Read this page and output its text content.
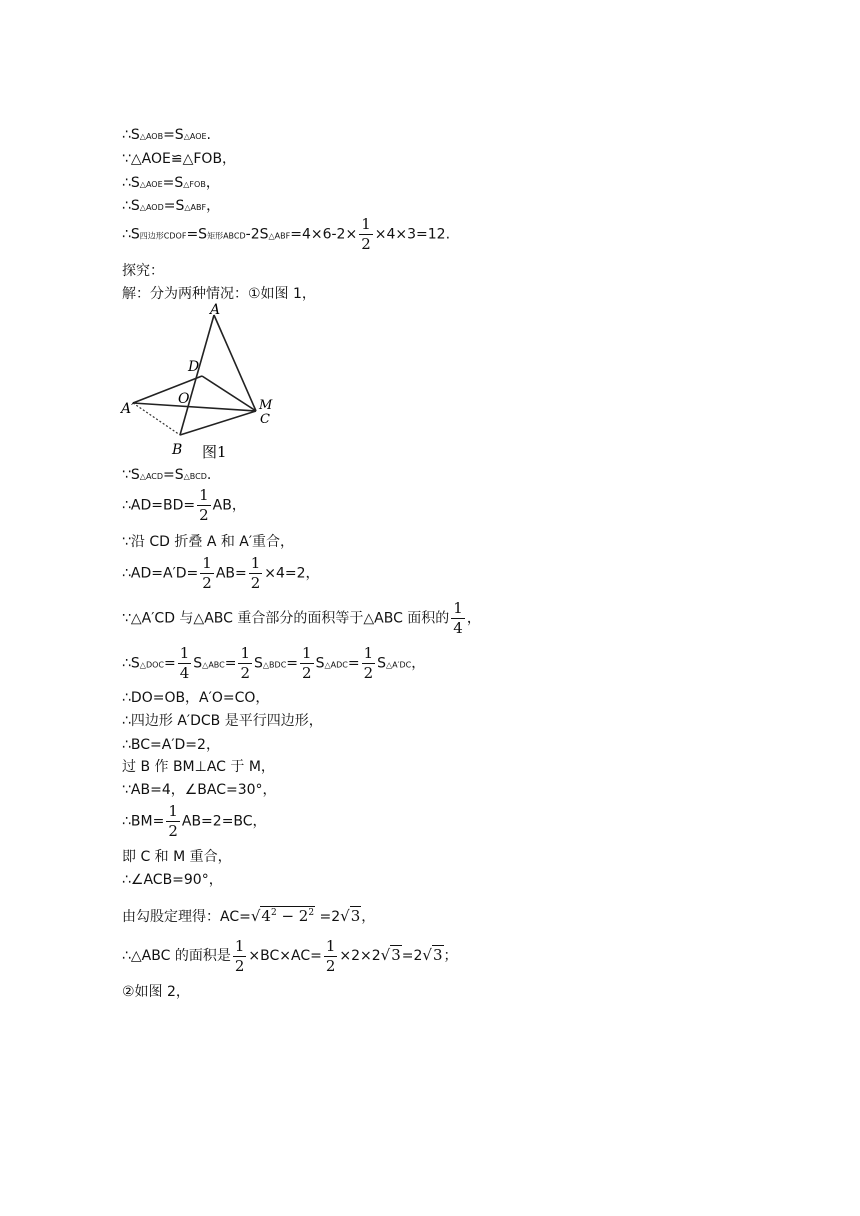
∴S△AOB=S△AOE.
∵△AOE≌△FOB，
∴S△AOE=S△FOB，
∴S△AOD=S△ABF，
∴S四边形CDOF=S矩形ABCD-2S△ABF=4×6-2× $\frac{1}{2} \times 4\times 3=12$.
探究：
解：分为两种情况：①如图 1，
A
D
O
A′
B
M
C
图1
∵S△ACD=S△BCD.
∴AD=BD= $\frac{1}{2}$ AB，
∵沿 CD 折叠 A 和 A′重合，
∴AD=A′D= $\frac{1}{2} AB= \frac{1}{2} \times 4=2$，
∵△A′CD 与△ABC 重合部分的面积等于△ABC 面积的 $\frac{1}{4}$ ，
∴S△DOC= $\frac{1}{4}$ S△ABC= $\frac{1}{2}$ S△BDC= $\frac{1}{2}$ S△ADC= $\frac{1}{2}$ S△A′DC，
∴DO=OB，A′O=CO，
∴四边形 A′DCB 是平行四边形，
∴BC=A′D=2，
过 B 作 BM⊥AC 于 M，
∵AB=4，∠BAC=30°，
∴BM= $\frac{1}{2} AB=2=BC$，
即 C 和 M 重合，
∴∠ACB=90°，
由勾股定理得：$AC=√4^2 - 2^2 =2√3$，
∴△ABC 的面积是 $\frac{1}{2} \times BC\times AC= \frac{1}{2} \times 2\times 2√3=2√3$；
②如图 2，
